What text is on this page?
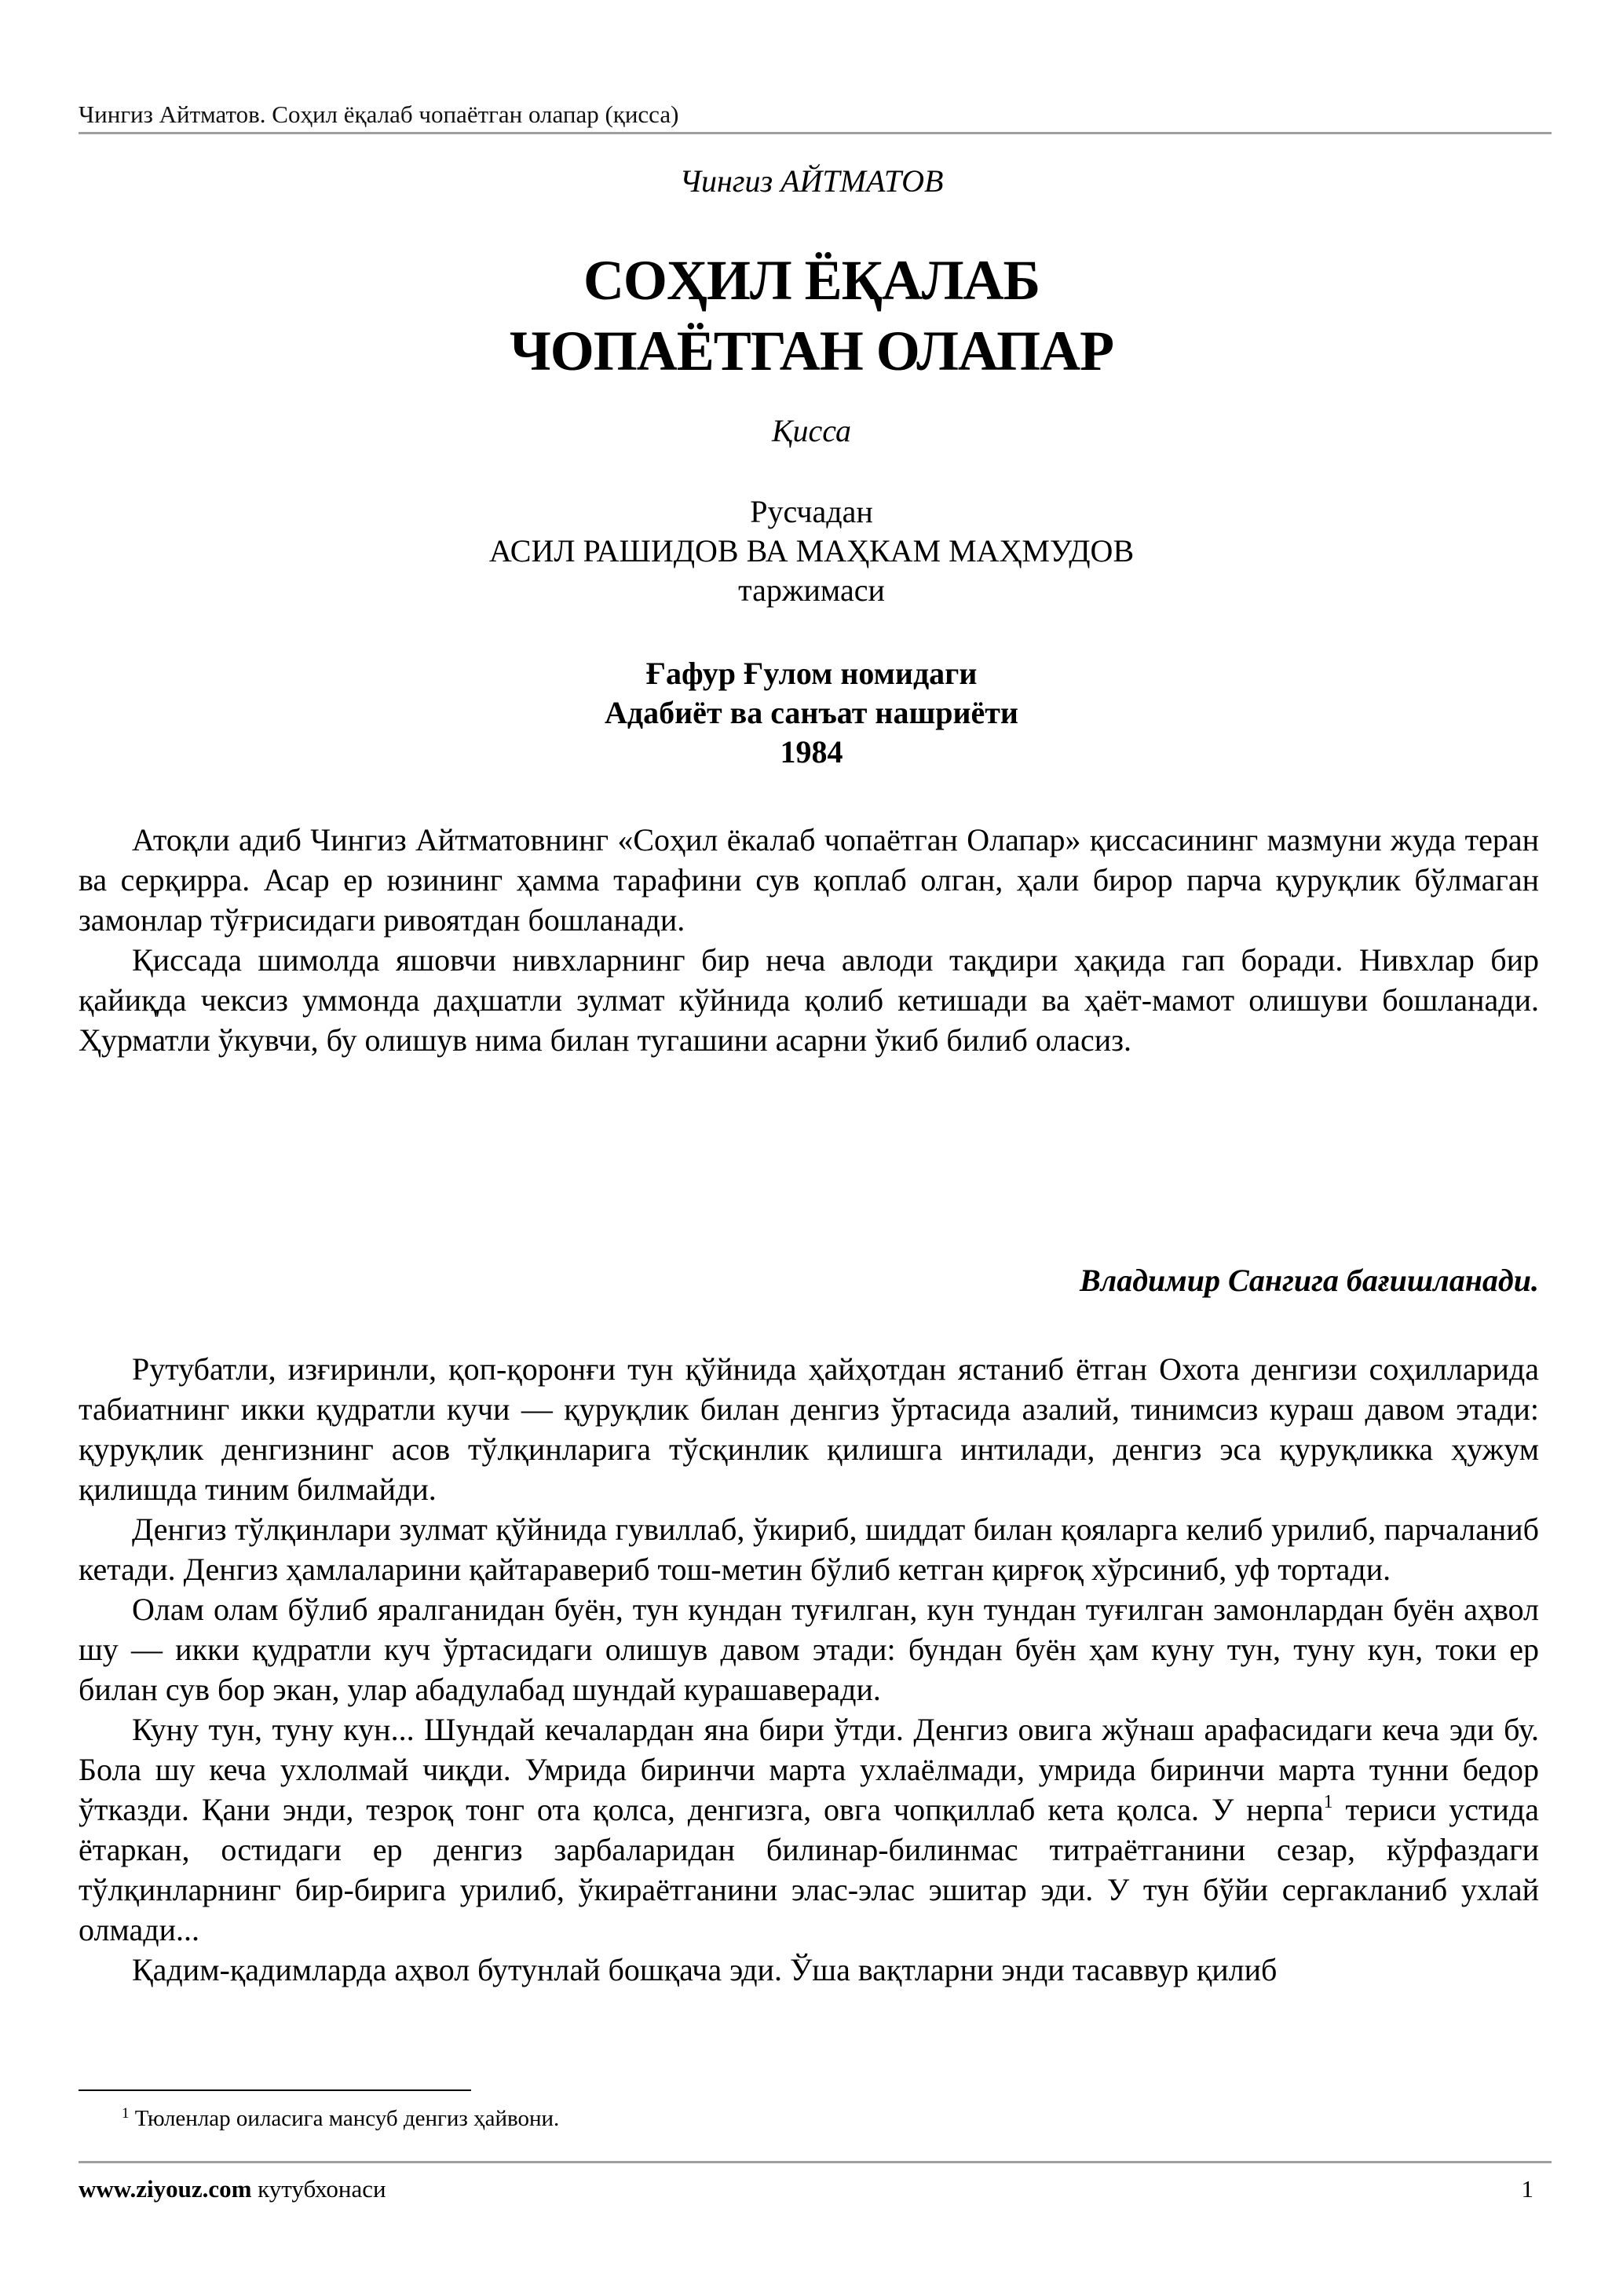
Чингиз Айтматов. Соҳил ёқалаб чопаётган олапар (қисса)
Чингиз АЙТМАТОВ
СОҲИЛ ЁҚАЛАБ
ЧОПАЁТГАН ОЛАПАР
Қисса
Русчадан
АСИЛ РАШИДОВ ВА МАҲКАМ МАҲМУДОВ
таржимаси
Ғафур Ғулом номидаги
Адабиёт ва санъат нашриёти
1984

Атоқли адиб Чингиз Айтматовнинг «Соҳил ёкалаб чопаётган Олапар» қиссасининг мазмуни жуда теран ва серқирра. Асар ер юзининг ҳамма тарафини сув қоплаб олган, ҳали бирор парча қуруқлик бўлмаган замонлар тўғрисидаги ривоятдан бошланади.

Қиссада шимолда яшовчи нивхларнинг бир неча авлоди тақдири ҳақида гап боради. Нивхлар бир қайиқда чексиз уммонда даҳшатли зулмат кўйнида қолиб кетишади ва ҳаёт-мамот олишуви бошланади. Ҳурматли ўкувчи, бу олишув нима билан тугашини асарни ўкиб билиб оласиз.

Владимир Сангига бағишланади.

Рутубатли, изғиринли, қоп-қоронғи тун қўйнида ҳайҳотдан ястаниб ётган Охота денгизи соҳилларида табиатнинг икки қудратли кучи — қуруқлик билан денгиз ўртасида азалий, тинимсиз кураш давом этади: қуруқлик денгизнинг асов тўлқинларига тўсқинлик қилишга интилади, денгиз эса қуруқликка ҳужум қилишда тиним билмайди.

Денгиз тўлқинлари зулмат қўйнида гувиллаб, ўкириб, шиддат билан қояларга келиб урилиб, парчаланиб кетади. Денгиз ҳамлаларини қайтаравериб тош-метин бўлиб кетган қирғоқ хўрсиниб, уф тортади.

Олам олам бўлиб яралганидан буён, тун кундан туғилган, кун тундан туғилган замонлардан буён аҳвол шу — икки қудратли куч ўртасидаги олишув давом этади: бундан буён ҳам куну тун, туну кун, токи ер билан сув бор экан, улар абадулабад шундай курашаверади.

Куну тун, туну кун... Шундай кечалардан яна бири ўтди. Денгиз овига жўнаш арафасидаги кеча эди бу. Бола шу кеча ухлолмай чиқди. Умрида биринчи марта ухлаёлмади, умрида биринчи марта тунни бедор ўтказди. Қани энди, тезроқ тонг ота қолса, денгизга, овга чопқиллаб кета қолса. У нерпа$^1$ териси устида ётаркан, остидаги ер денгиз зарбаларидан билинар-билинмас титраётганини сезар, кўрфаздаги тўлқинларнинг бир-бирига урилиб, ўкираётганини элас-элас эшитар эди. У тун бўйи сергакланиб ухлай олмади...

Қадим-қадимларда аҳвол бутунлай бошқача эди. Ўша вақтларни энди тасаввур қилиб

$^1$ Тюленлар оиласига мансуб денгиз ҳайвони.
www.ziyouz.com кутубхонаси	1
